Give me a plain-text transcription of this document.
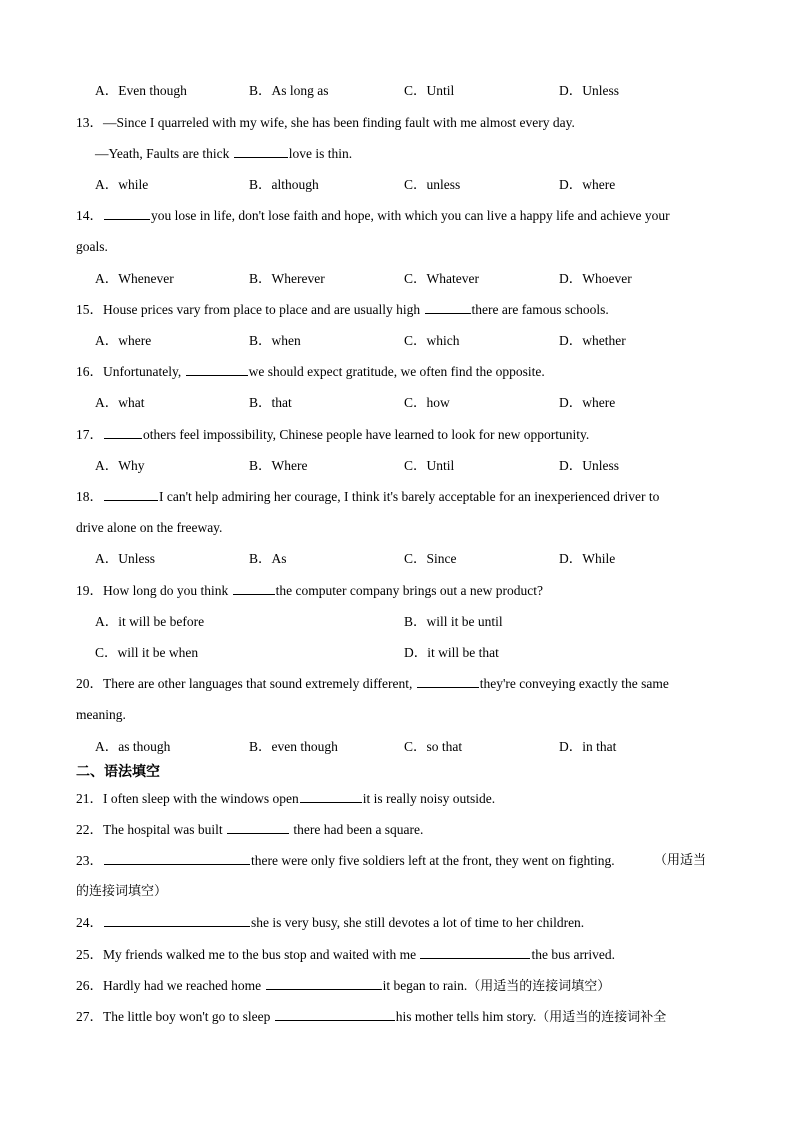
A．Even though	B．As long as	C．Until	D．Unless
13．—Since I quarreled with my wife, she has been finding fault with me almost every day.
—Yeath, Faults are thick	love is thin.
A．while	B．although	C．unless	D．where
14．	you lose in life, don't lose faith and hope, with which you can live a happy life and achieve your
goals.
A．Whenever	B．Wherever	C．Whatever	D．Whoever
15．House prices vary from place to place and are usually high	there are famous schools.
A．where	B．when	C．which	D．whether
16．Unfortunately,	we should expect gratitude, we often find the opposite.
A．what	B．that	C．how	D．where
17．	others feel impossibility, Chinese people have learned to look for new opportunity.
A．Why	B．Where	C．Until	D．Unless
18．	I can't help admiring her courage, I think it's barely acceptable for an inexperienced driver to
drive alone on the freeway.
A．Unless	B．As	C．Since	D．While
19．How long do you think	the computer company brings out a new product?
A．it will be before	B．will it be until
C．will it be when	D．it will be that
20．There are other languages that sound extremely different,	they're conveying exactly the same
meaning.
A．as though	B．even though	C．so that	D．in that
二、语法填空
21．I often sleep with the windows open	it is really noisy outside.
22．The hospital was built	there had been a square.
23．	there were only five soldiers left at the front, they went on fighting.	（用适当
的连接词填空）
24．	she is very busy, she still devotes a lot of time to her children.
25．My friends walked me to the bus stop and waited with me	the bus arrived.
26．Hardly had we reached home	it began to rain.（用适当的连接词填空）
27．The little boy won't go to sleep	his mother tells him story.（用适当的连接词补全
